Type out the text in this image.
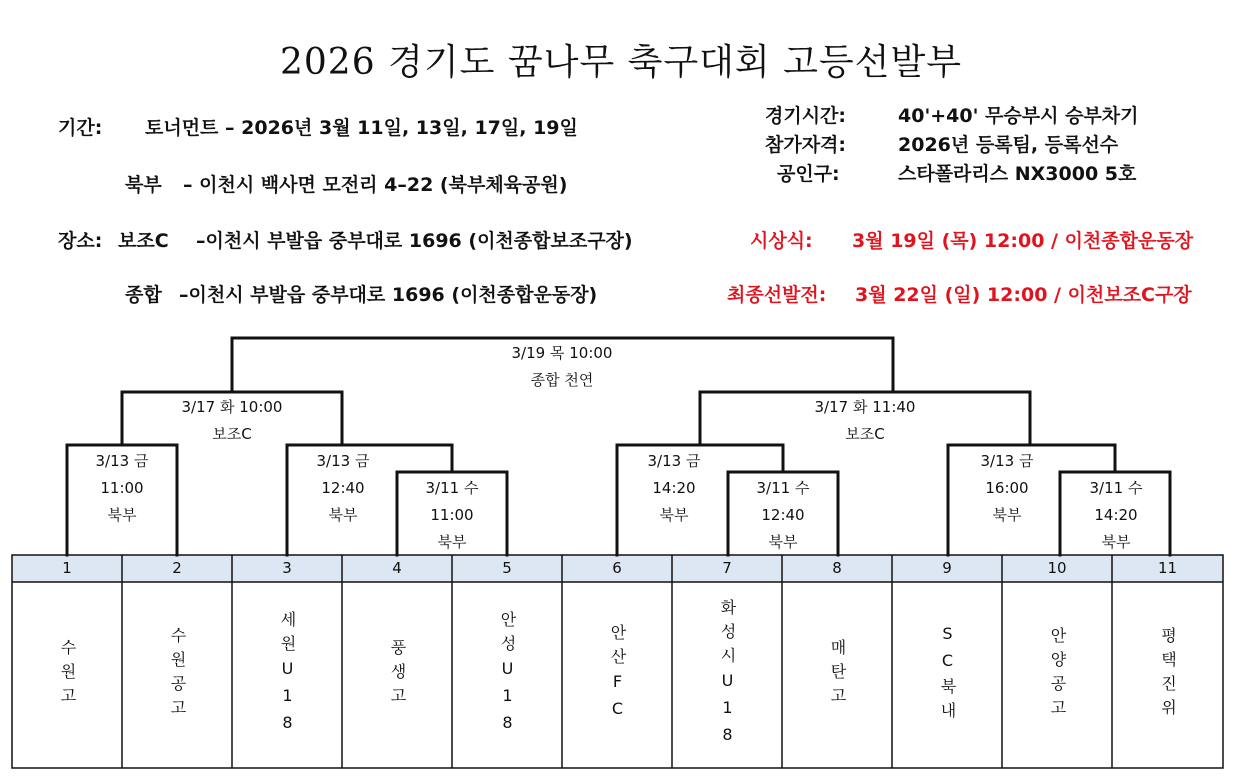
2026 경기도 꿈나무 축구대회 고등선발부
기간: 토너먼트 – 2026년 3월 11일, 13일, 17일, 19일
북부 – 이천시 백사면 모전리 4–22 (북부체육공원)
장소: 보조C –이천시 부발읍 중부대로 1696 (이천종합보조구장)
종합 –이천시 부발읍 중부대로 1696 (이천종합운동장)
경기시간:	40'+40' 무승부시 승부차기
참가자격:	2026년 등록팀, 등록선수
공인구:	스타폴라리스 NX3000 5호
시상식: 3월 19일 (목) 12:00 / 이천종합운동장
최종선발전: 3월 22일 (일) 12:00 / 이천보조C구장
3/19 목 10:00
종합 천연
3/17 화 10:00
보조C
3/17 화 11:40
보조C
3/13 금
11:00
북부
3/13 금
12:40
북부
3/11 수
11:00
북부
3/13 금
14:20
북부
3/11 수
12:40
북부
3/13 금
16:00
북부
3/11 수
14:20
북부
1	2	3	4	5	6	7	8	9	10	11
수원고	수원공고	세원U18	풍생고	안성U18	안산FC	화성시U18	매탄고	SC북내	안양공고	평택진위
